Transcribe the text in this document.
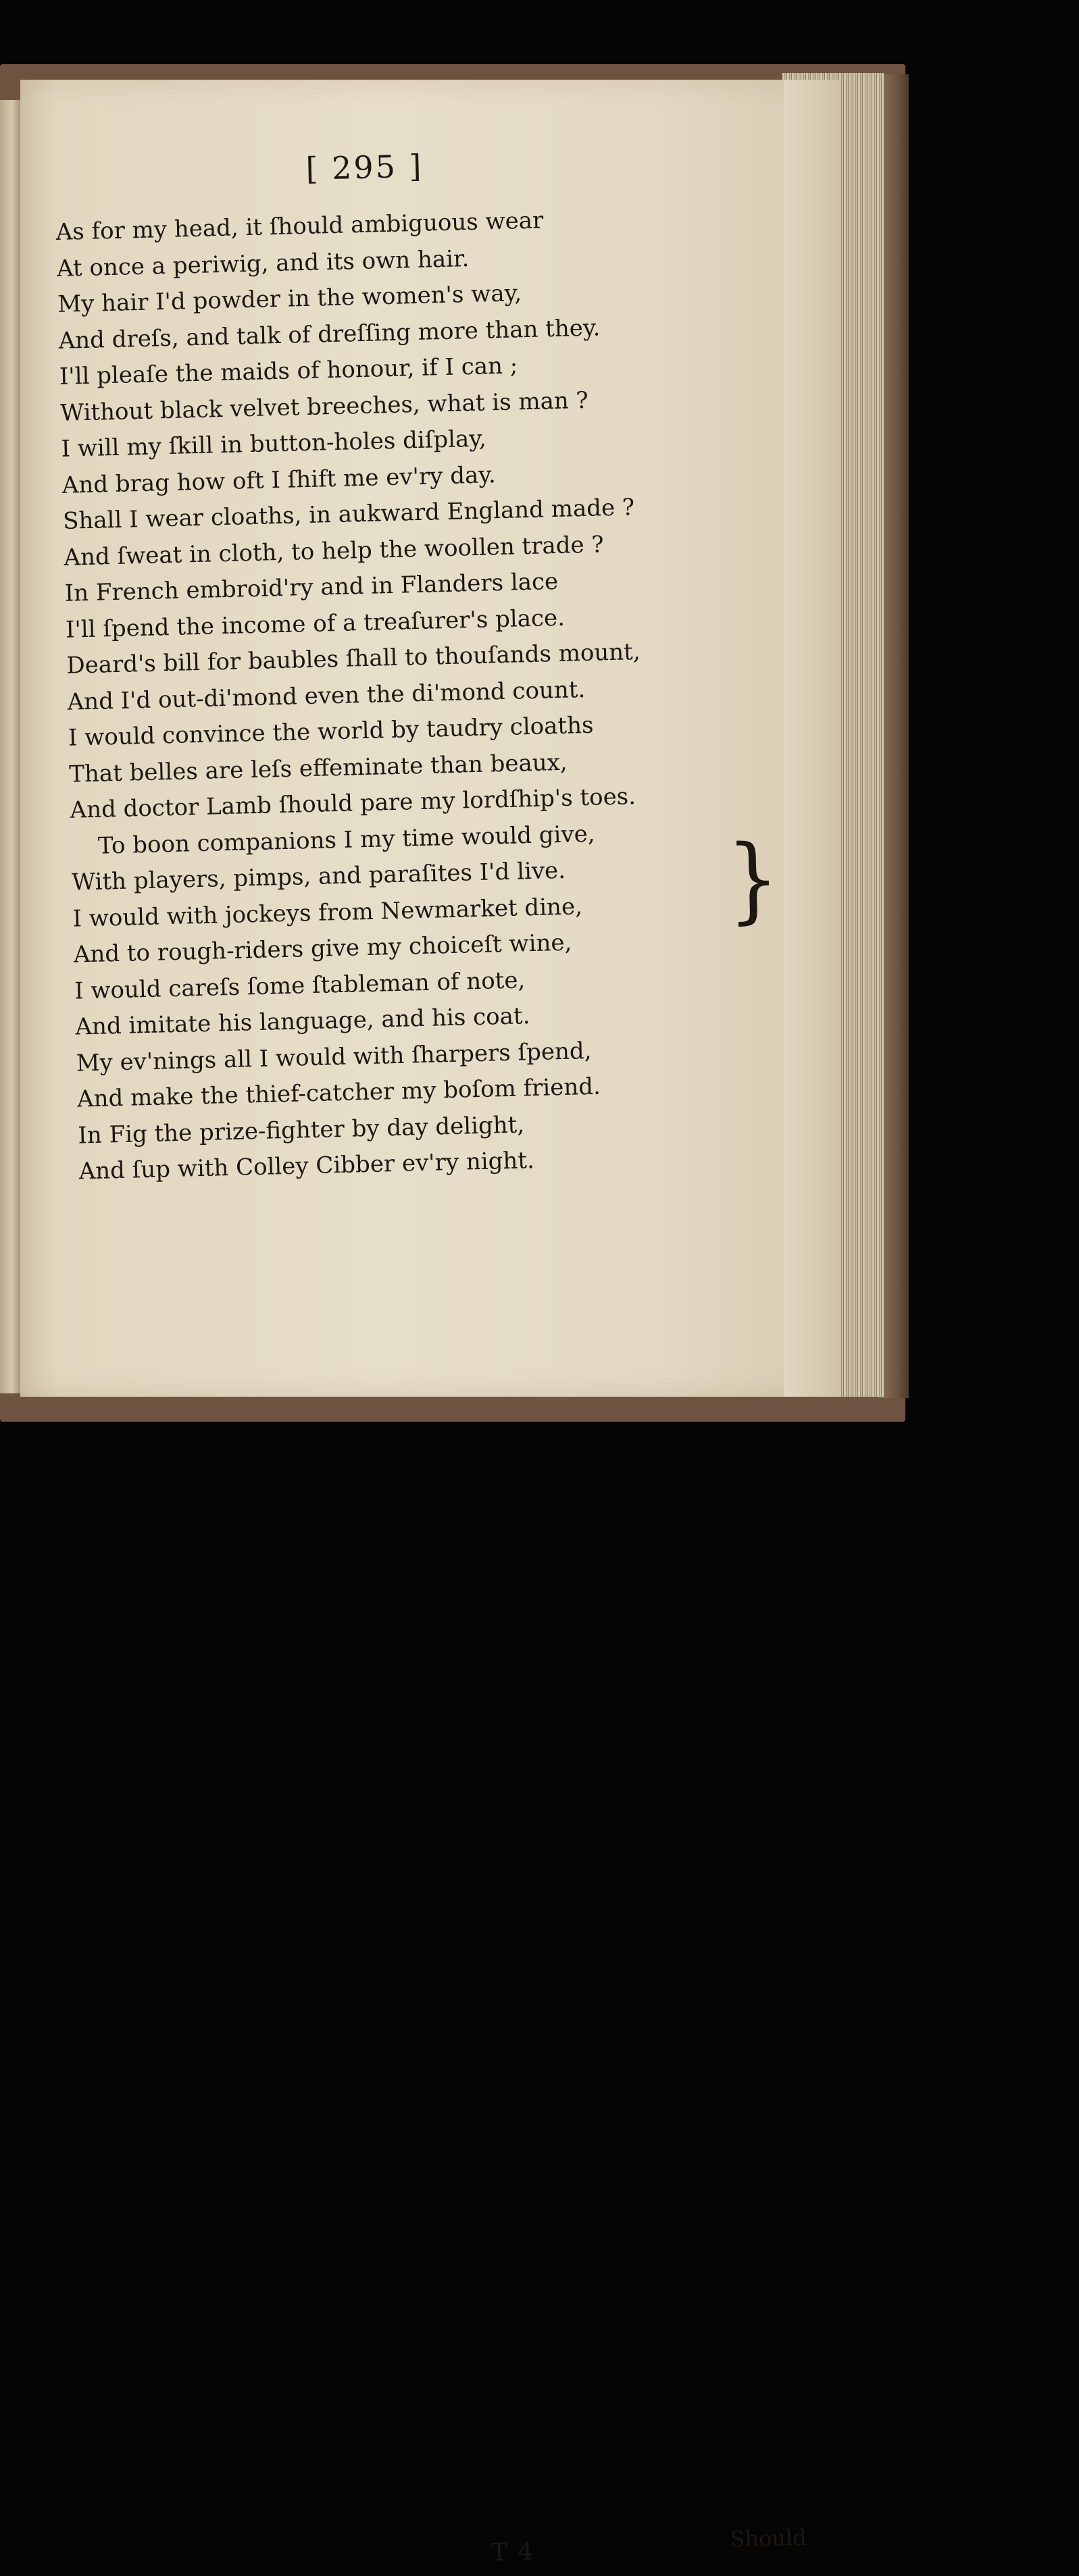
[ 295 ]
As for my head, it ſhould ambiguous wear
At once a periwig, and its own hair.
My hair I'd powder in the women's way,
And dreſs, and talk of dreſſing more than they.
I'll pleaſe the maids of honour, if I can ;
Without black velvet breeches, what is man ?
I will my ſkill in button-holes diſplay,
And brag how oft I ſhift me ev'ry day.
Shall I wear cloaths, in aukward England made ?
And ſweat in cloth, to help the woollen trade ?
In French embroid'ry and in Flanders lace
I'll ſpend the income of a treaſurer's place.
Deard's bill for baubles ſhall to thouſands mount,
And I'd out-di'mond even the di'mond count.
I would convince the world by taudry cloaths
That belles are leſs effeminate than beaux,
And doctor Lamb ſhould pare my lordſhip's toes.
To boon companions I my time would give,
With players, pimps, and paraſites I'd live.
I would with jockeys from Newmarket dine,
And to rough-riders give my choiceſt wine,
I would careſs ſome ſtableman of note,
And imitate his language, and his coat.
My ev'nings all I would with ſharpers ſpend,
And make the thief-catcher my boſom friend.
In Fig the prize-fighter by day delight,
And ſup with Colley Cibber ev'ry night.
}
T 4	Should
